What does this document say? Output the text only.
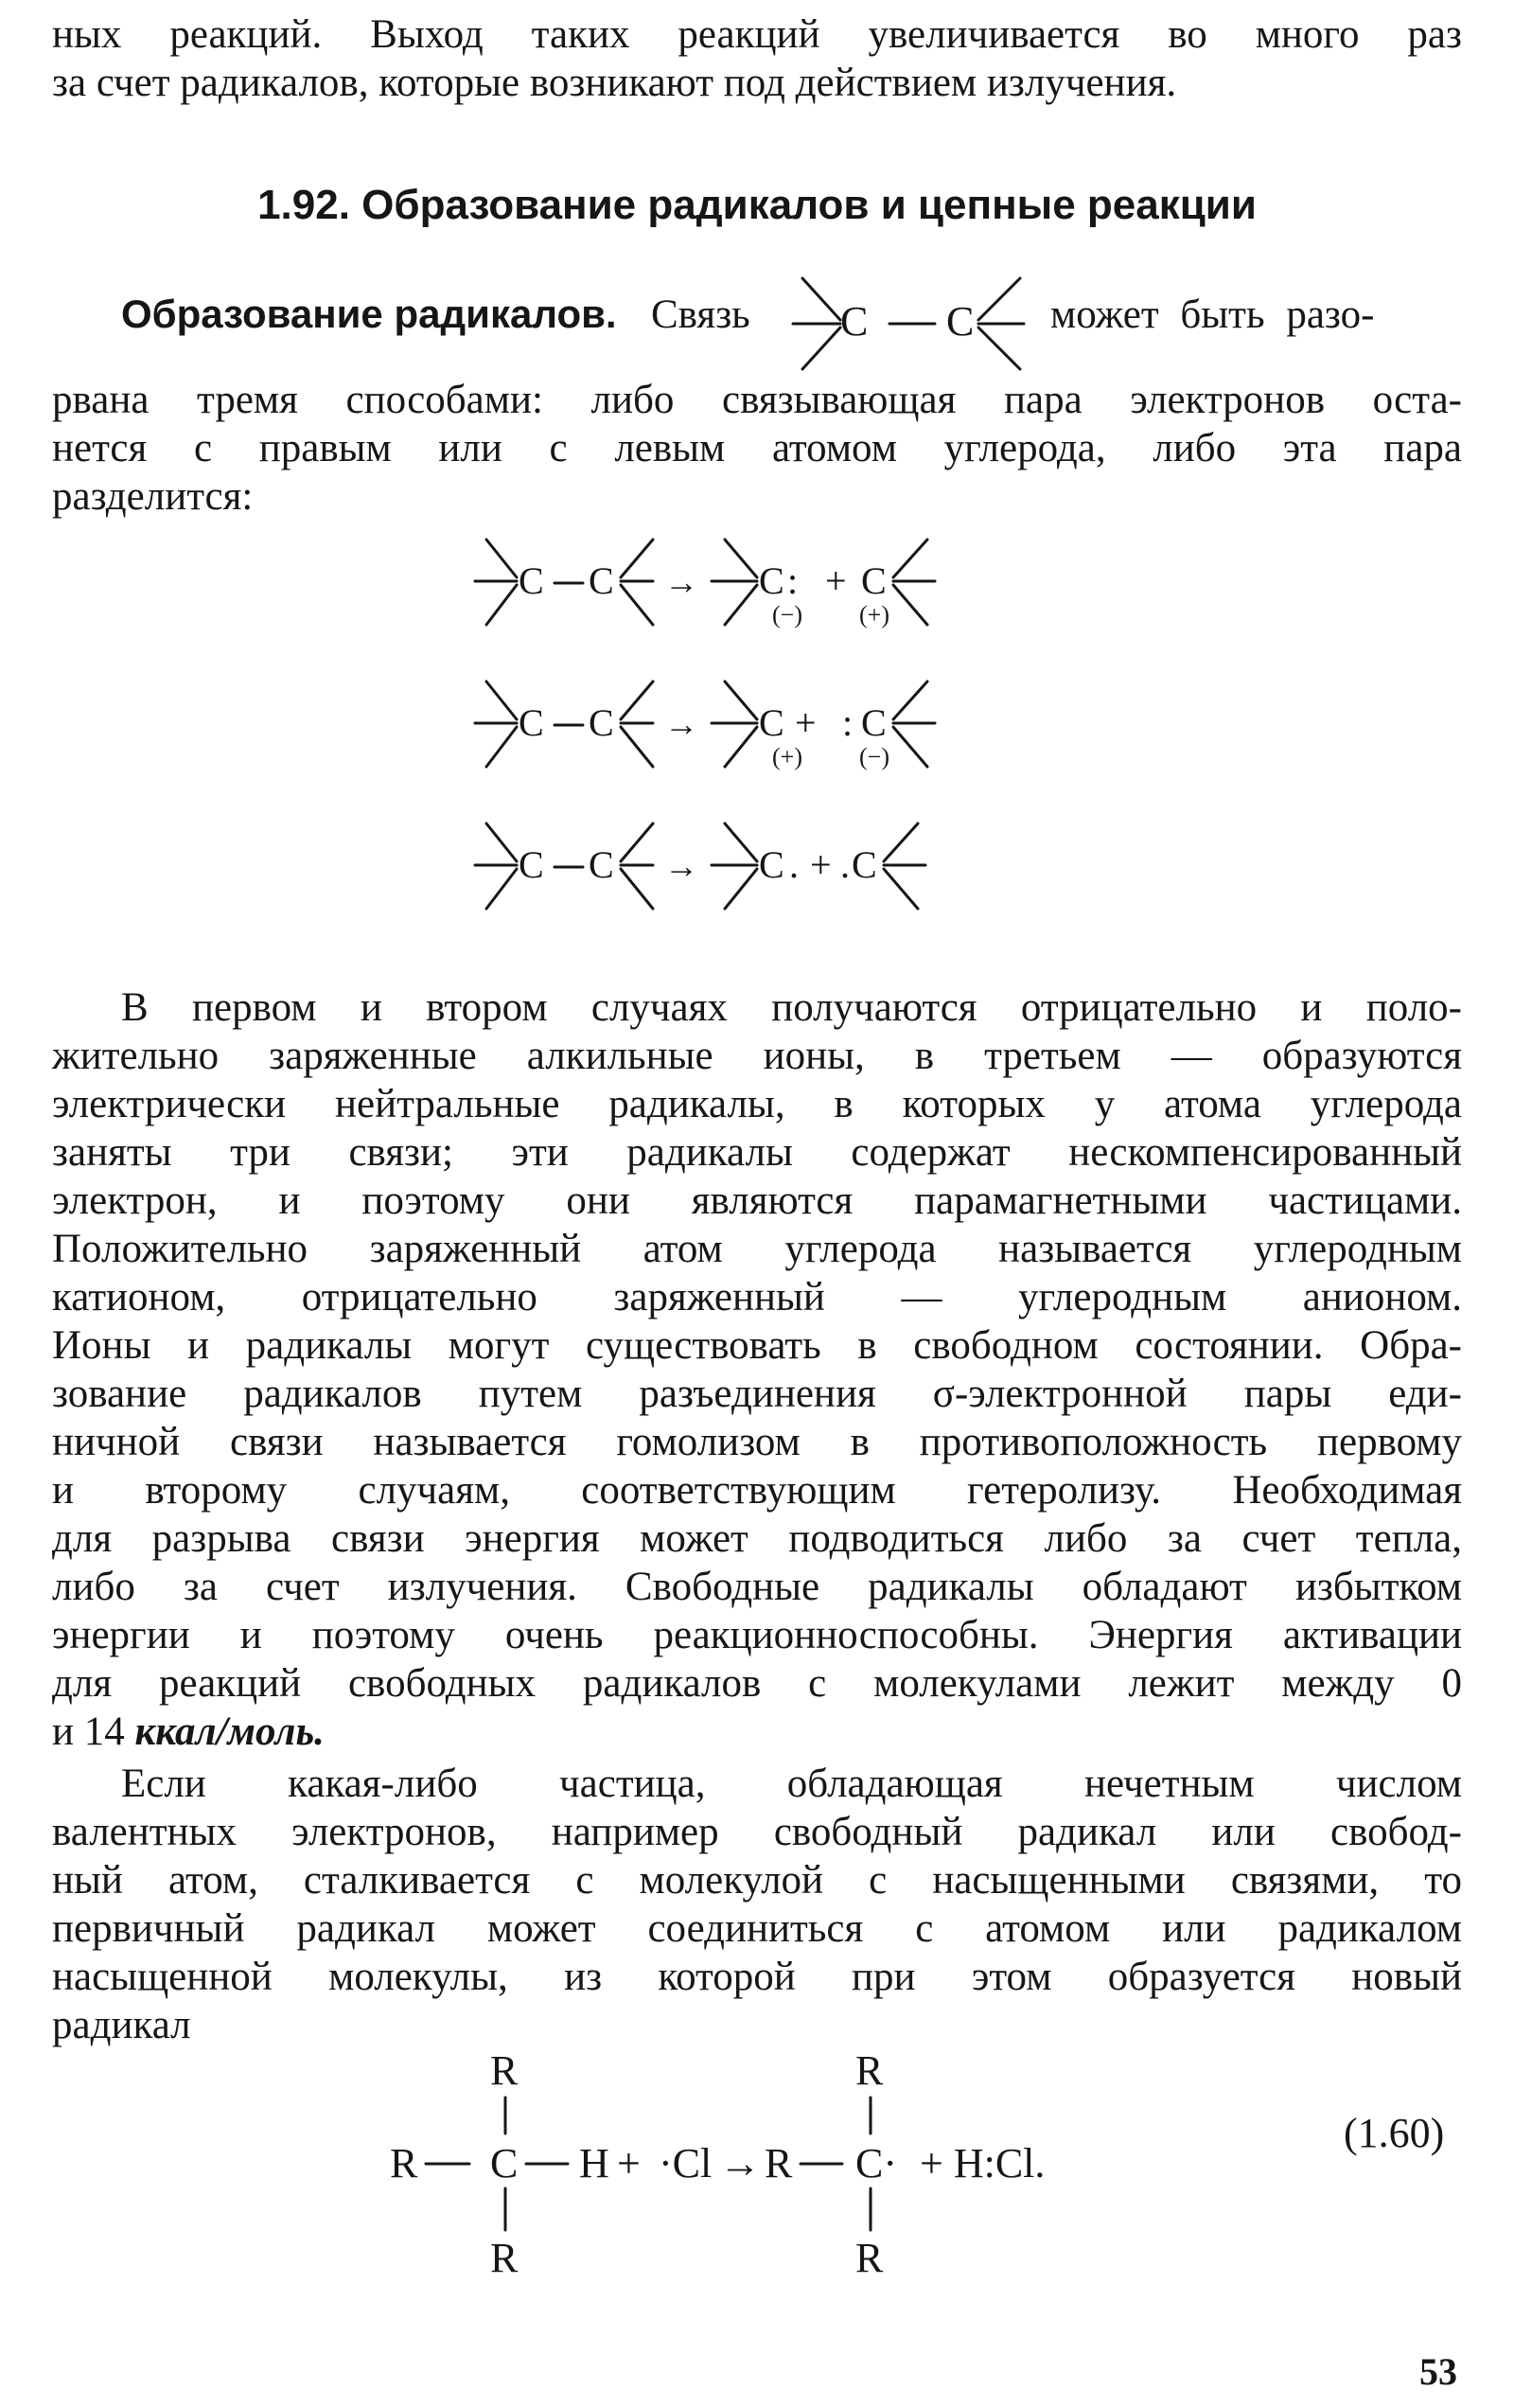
ных реакций. Выход таких реакций увеличивается во много раз

за счет радикалов, которые возникают под действием излучения.

1.92. Образование радикалов и цепные реакции
Образование радикалов. Связь C C может быть разо-

рвана тремя способами: либо связывающая пара электронов оста-

нется с правым или с левым атомом углерода, либо эта пара

разделится:

C C → C :
(−)
+ C
(+)
C C → C
(+)
+ : C
(−)
C C → C . + . C

В первом и втором случаях получаются отрицательно и поло-

жительно заряженные алкильные ионы, в третьем — образуются

электрически нейтральные радикалы, в которых у атома углерода

заняты три связи; эти радикалы содержат нескомпенсированный

электрон, и поэтому они являются парамагнетными частицами.

Положительно заряженный атом углерода называется углеродным

катионом, отрицательно заряженный — углеродным анионом.

Ионы и радикалы могут существовать в свободном состоянии. Обра-

зование радикалов путем разъединения σ-электронной пары еди-

ничной связи называется гомолизом в противоположность первому

и второму случаям, соответствующим гетеролизу. Необходимая

для разрыва связи энергия может подводиться либо за счет тепла,

либо за счет излучения. Свободные радикалы обладают избытком

энергии и поэтому очень реакционноспособны. Энергия активации

для реакций свободных радикалов с молекулами лежит между 0

и 14 ккал/моль.

Если какая-либо частица, обладающая нечетным числом

валентных электронов, например свободный радикал или свобод-

ный атом, сталкивается с молекулой с насыщенными связями, то

первичный радикал может соединиться с атомом или радикалом

насыщенной молекулы, из которой при этом образуется новый

радикал

R
R C H + ·Cl →
R
R
R
C·
R
+ H:Cl.
(1.60)
53
